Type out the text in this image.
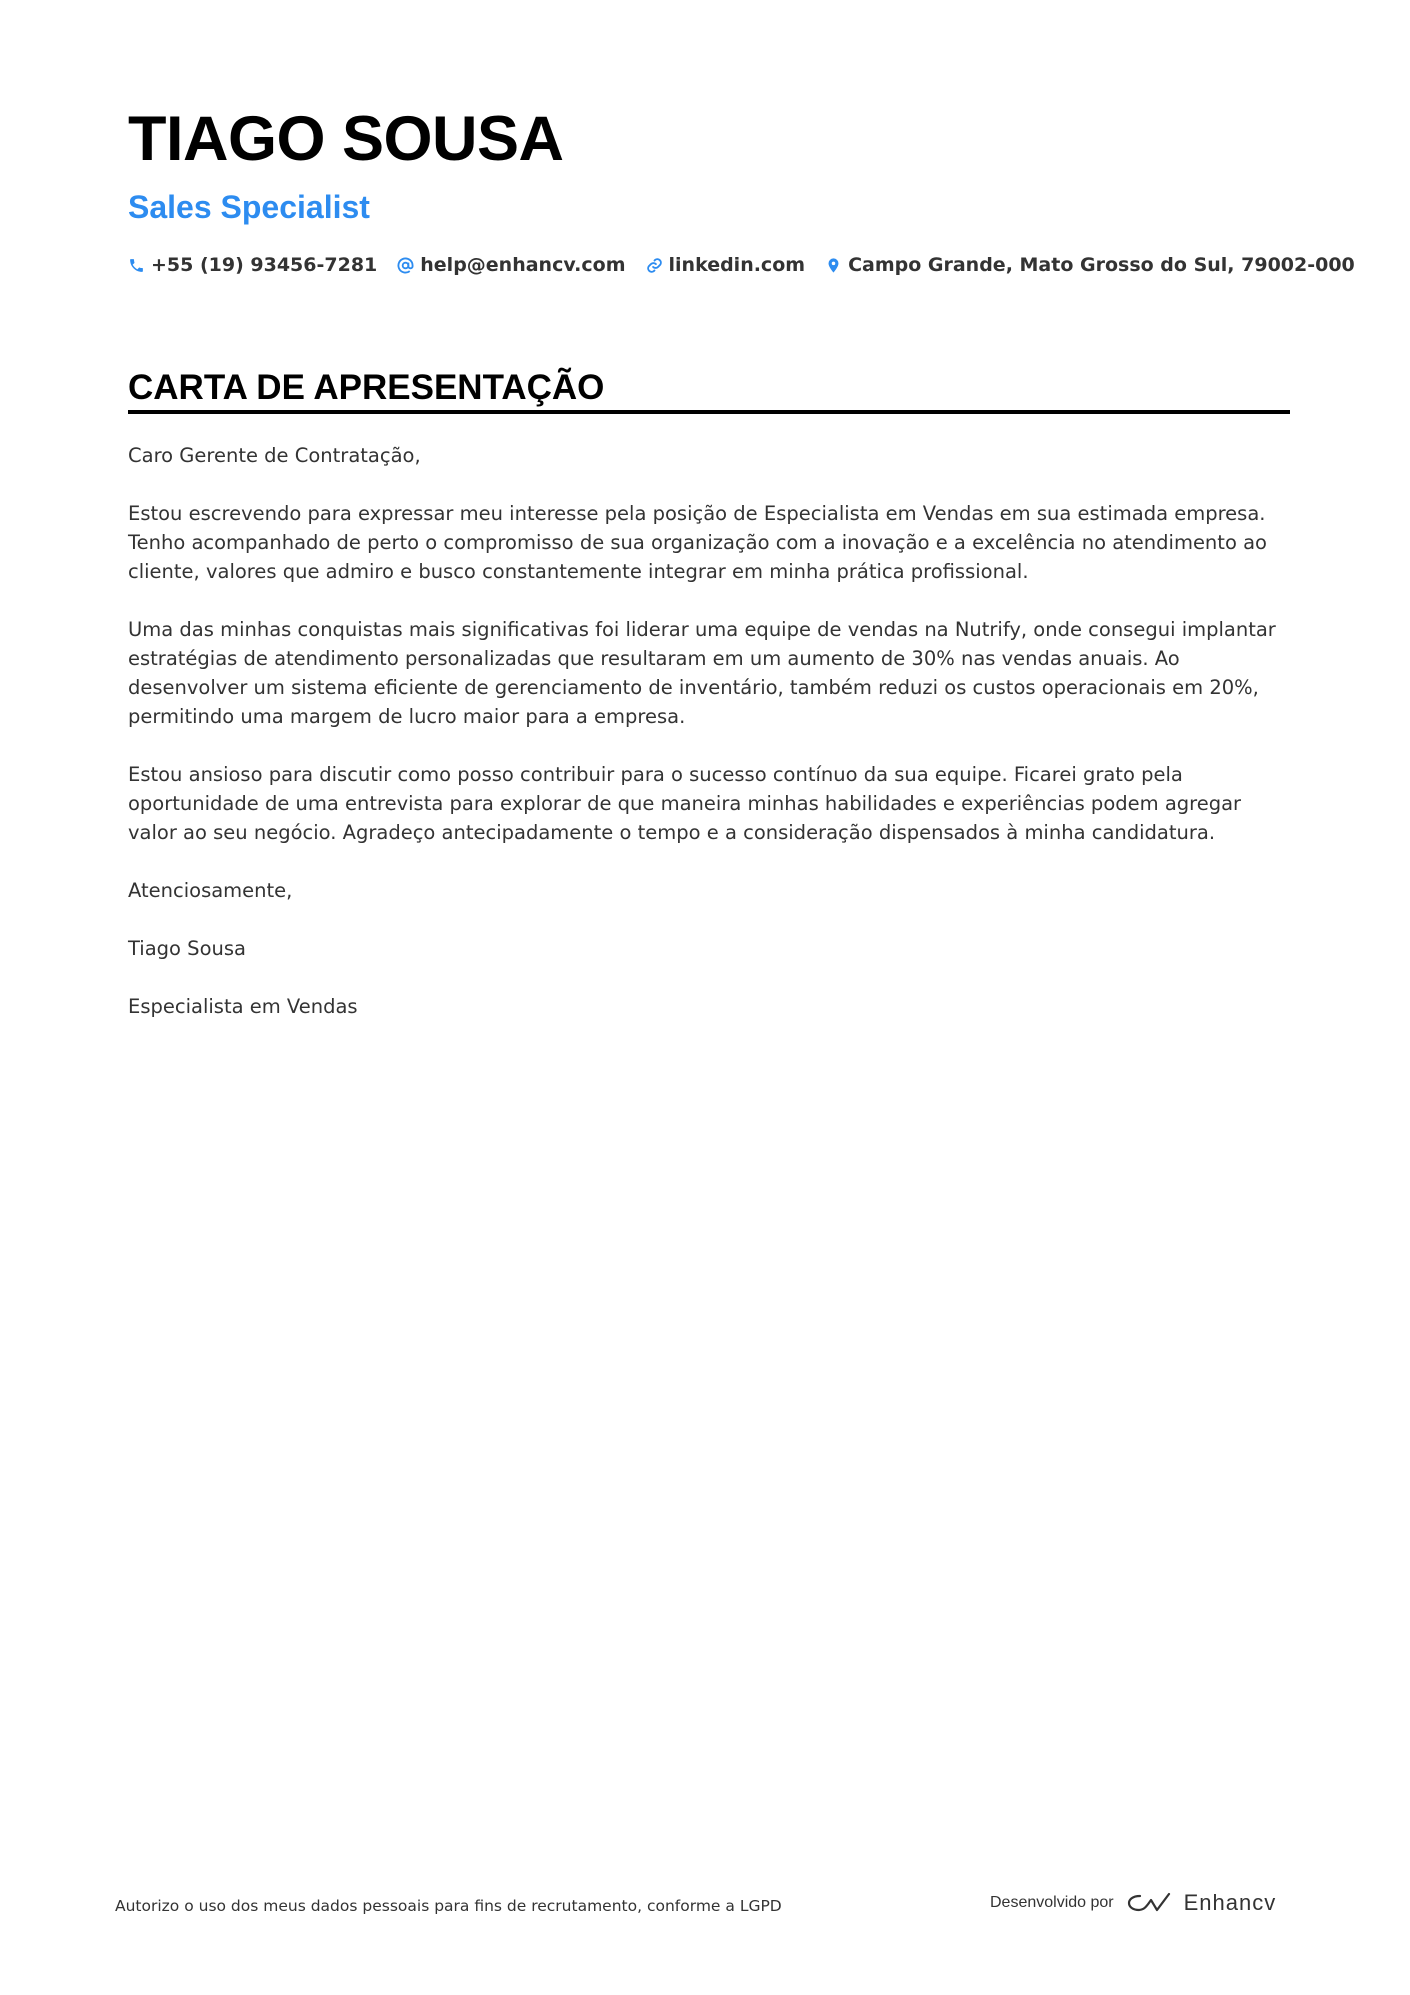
TIAGO SOUSA
Sales Specialist
+55 (19) 93456-7281 help@enhancv.com linkedin.com Campo Grande, Mato Grosso do Sul, 79002-000
CARTA DE APRESENTAÇÃO

Caro Gerente de Contratação,

Estou escrevendo para expressar meu interesse pela posição de Especialista em Vendas em sua estimada empresa. Tenho acompanhado de perto o compromisso de sua organização com a inovação e a excelência no atendimento ao cliente, valores que admiro e busco constantemente integrar em minha prática profissional.

Uma das minhas conquistas mais significativas foi liderar uma equipe de vendas na Nutrify, onde consegui implantar estratégias de atendimento personalizadas que resultaram em um aumento de 30% nas vendas anuais. Ao desenvolver um sistema eficiente de gerenciamento de inventário, também reduzi os custos operacionais em 20%, permitindo uma margem de lucro maior para a empresa.

Estou ansioso para discutir como posso contribuir para o sucesso contínuo da sua equipe. Ficarei grato pela oportunidade de uma entrevista para explorar de que maneira minhas habilidades e experiências podem agregar valor ao seu negócio. Agradeço antecipadamente o tempo e a consideração dispensados à minha candidatura.

Atenciosamente,

Tiago Sousa

Especialista em Vendas

Autorizo o uso dos meus dados pessoais para fins de recrutamento, conforme a LGPD	Desenvolvido por	Enhancv
